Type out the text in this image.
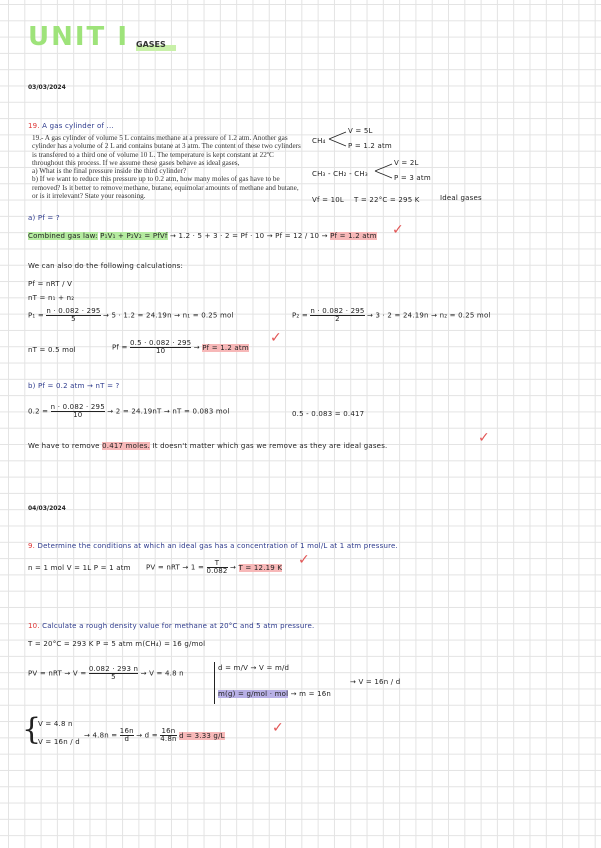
UNIT I GASES
03/03/2024
19. A gas cylinder of ...
19.- A gas cylinder of volume 5 L contains methane at a pressure of 1.2 atm. Another gas cylinder has a volume of 2 L and contains butane at 3 atm. The content of these two cylinders is transfered to a third one of volume 10 L. The temperature is kept constant at 22ºC throughout this process. If we assume these gases behave as ideal gases,
a) What is the final pressure inside the third cylinder?
b) If we want to reduce this pressure up to 0.2 atm, how many moles of gas have to be removed? Is it better to remove methane, butane, equimolar amounts of methane and butane, or is it irrelevant? State your reasoning.
CH₄
V = 5L
P = 1.2 atm
CH₃ - CH₂ - CH₃
V = 2L
P = 3 atm
Vf = 10L T = 22°C = 295 K	Ideal gases
a) Pf = ?
Combined gas law: P₁V₁ + P₂V₂ = PfVf → 1.2 · 5 + 3 · 2 = Pf · 10 → Pf = 12 / 10 → Pf = 1.2 atm ✓
We can also do the following calculations:
Pf = nRT / V
nT = n₁ + n₂
$P_1 = \frac{n \cdot 0.082 \cdot 295}{5} \to 5 \cdot 1.2 = 24.19n \to n_1 = 0.25$ mol	$P_2 = \frac{n \cdot 0.082 \cdot 295}{2} \to 3 \cdot 2 = 24.19n \to n_2 = 0.25$ mol
nT = 0.5 mol	$Pf = \frac{0.5 \cdot 0.082 \cdot 295}{10} \to Pf = 1.2$ atm
✓
b) Pf = 0.2 atm → nT = ?
$0.2 = \frac{n \cdot 0.082 \cdot 295}{10} \to 2 = 24.19nT$ → nT = 0.083 mol	0.5 - 0.083 = 0.417
We have to remove 0.417 moles. It doesn't matter which gas we remove as they are ideal gases.	✓
04/03/2024
9. Determine the conditions at which an ideal gas has a concentration of 1 mol/L at 1 atm pressure.
n = 1 mol V = 1L P = 1 atm PV = nRT → $1 = \frac{T}{0.082} \to T = 12.19$ K ✓
10. Calculate a rough density value for methane at 20°C and 5 atm pressure.
T = 20°C = 293 K P = 5 atm m(CH₄) = 16 g/mol
PV = nRT → $V = \frac{0.082 \cdot 293 n}{5} \to V = 4.8$ n
d = m/V → V = m/d
m(g) = g/mol · mol → m = 16n
→ V = 16n / d
{
V = 4.8 n
V = 16n / d
→ $4.8n = \frac{16n}{d} \to d = \frac{16n}{4.8n}$ d = 3.33 g/L	✓
